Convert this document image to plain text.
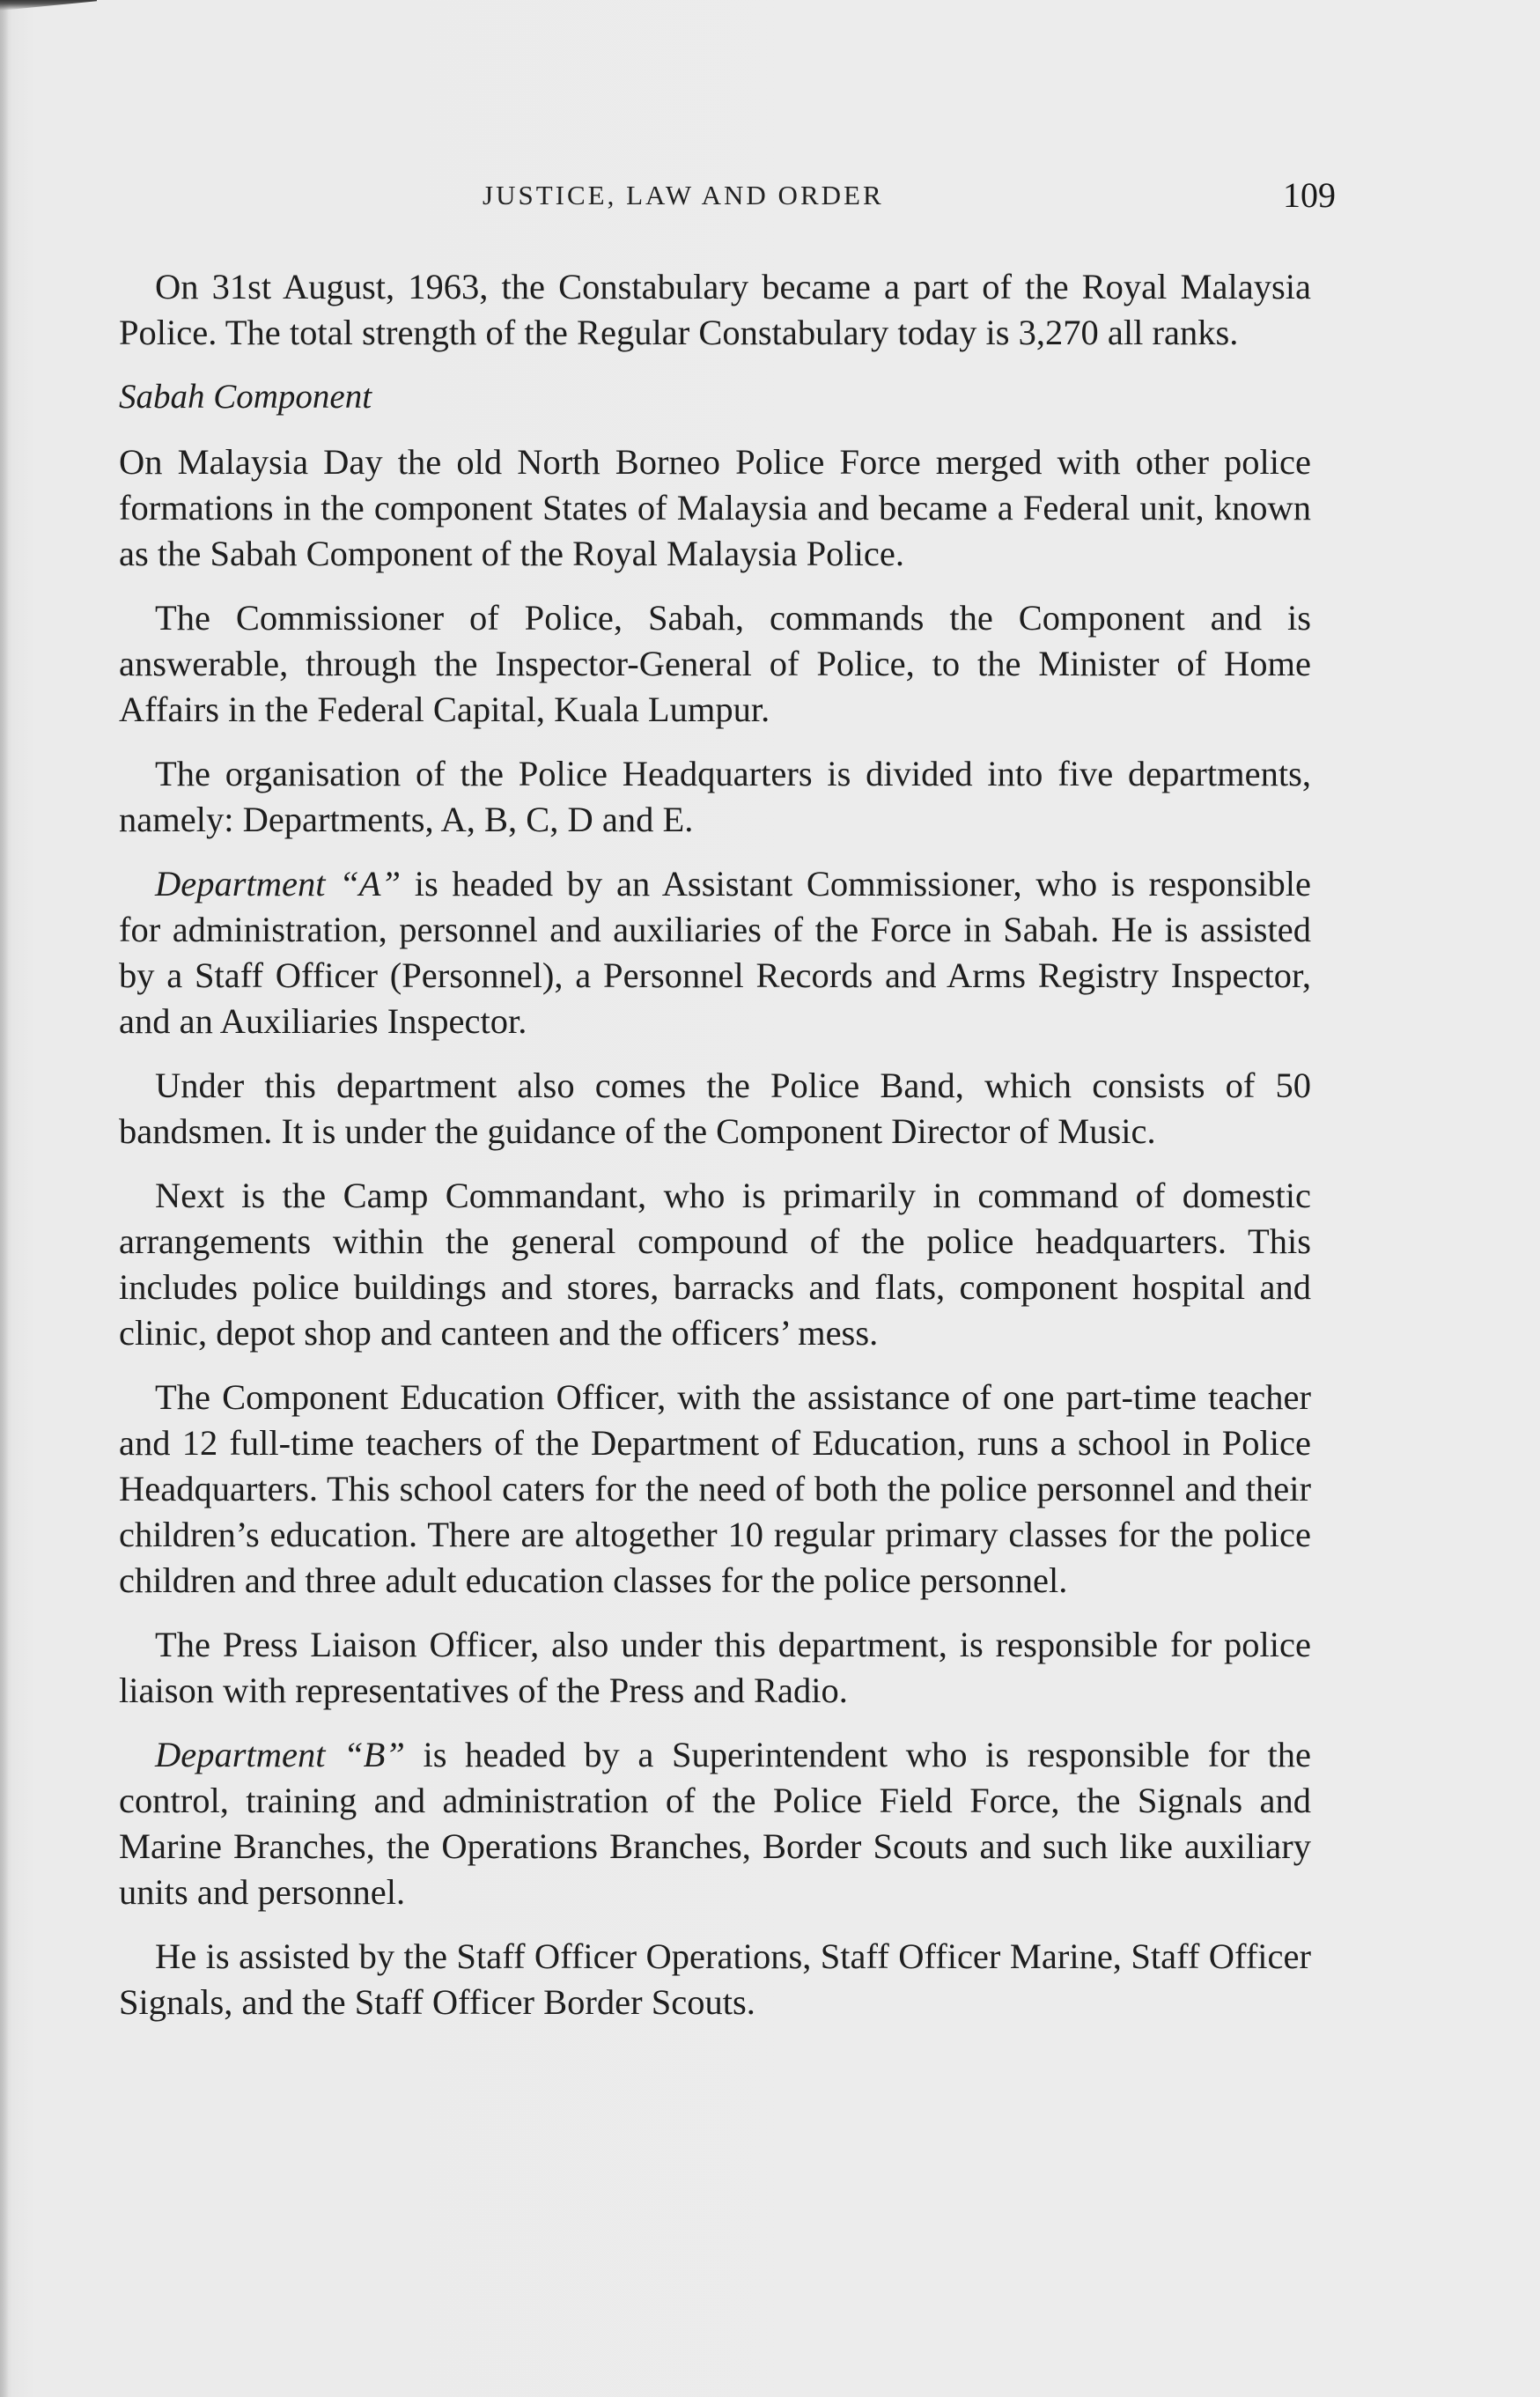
JUSTICE, LAW AND ORDER	109

On 31st August, 1963, the Constabulary became a part of the Royal Malaysia Police. The total strength of the Regular Constabulary today is 3,270 all ranks.

Sabah Component

On Malaysia Day the old North Borneo Police Force merged with other police formations in the component States of Malaysia and became a Federal unit, known as the Sabah Component of the Royal Malaysia Police.

The Commissioner of Police, Sabah, commands the Component and is answerable, through the Inspector-General of Police, to the Minister of Home Affairs in the Federal Capital, Kuala Lumpur.

The organisation of the Police Headquarters is divided into five departments, namely: Departments, A, B, C, D and E.

Department “A” is headed by an Assistant Commissioner, who is responsible for administration, personnel and auxiliaries of the Force in Sabah. He is assisted by a Staff Officer (Personnel), a Personnel Records and Arms Registry Inspector, and an Auxiliaries Inspector.

Under this department also comes the Police Band, which consists of 50 bandsmen. It is under the guidance of the Component Director of Music.

Next is the Camp Commandant, who is primarily in command of domestic arrangements within the general compound of the police headquarters. This includes police buildings and stores, barracks and flats, component hospital and clinic, depot shop and canteen and the officers’ mess.

The Component Education Officer, with the assistance of one part-time teacher and 12 full-time teachers of the Department of Education, runs a school in Police Headquarters. This school caters for the need of both the police personnel and their children’s education. There are altogether 10 regular primary classes for the police children and three adult education classes for the police personnel.

The Press Liaison Officer, also under this department, is responsible for police liaison with representatives of the Press and Radio.

Department “B” is headed by a Superintendent who is responsible for the control, training and administration of the Police Field Force, the Signals and Marine Branches, the Operations Branches, Border Scouts and such like auxiliary units and personnel.

He is assisted by the Staff Officer Operations, Staff Officer Marine, Staff Officer Signals, and the Staff Officer Border Scouts.
